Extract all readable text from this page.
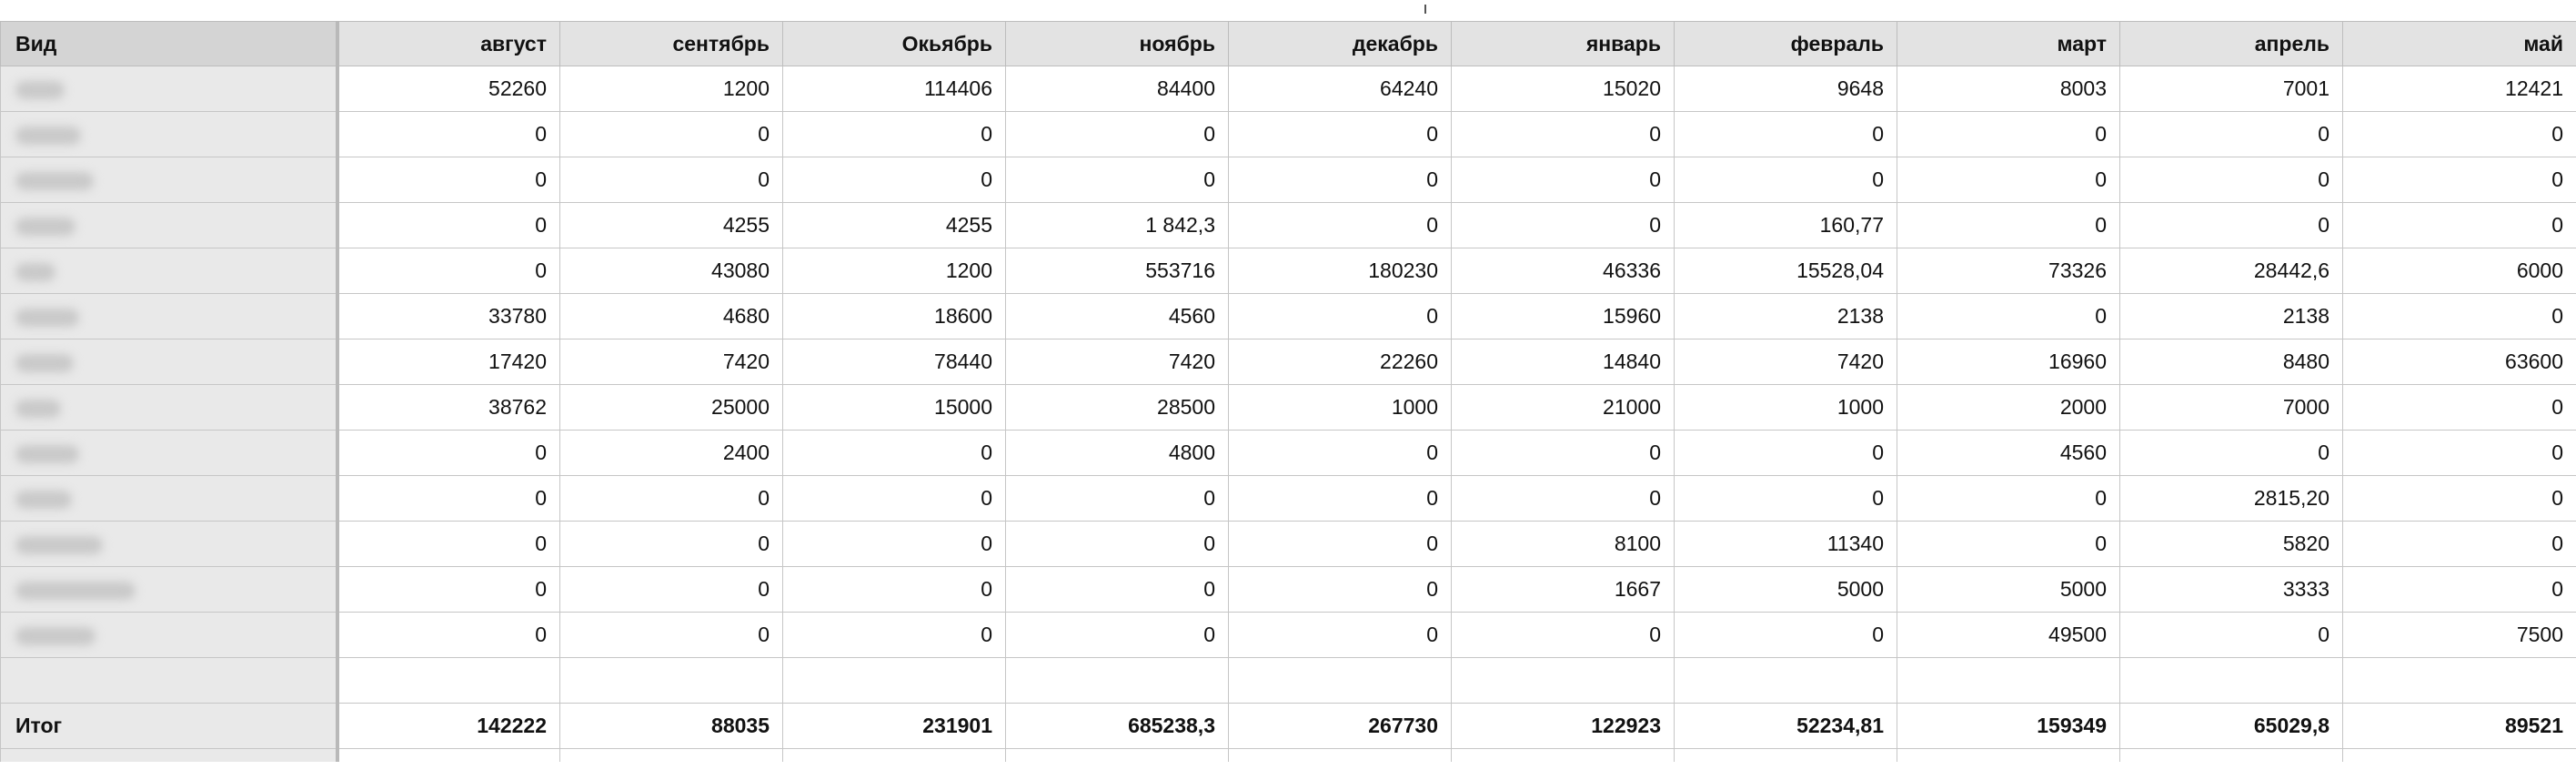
Вид	август	сентябрь	Окьябрь	ноябрь	декабрь	январь	февраль	март	апрель	май
	52260	1200	114406	84400	64240	15020	9648	8003	7001	12421
	0	0	0	0	0	0	0	0	0	0
	0	0	0	0	0	0	0	0	0	0
	0	4255	4255	1 842,3	0	0	160,77	0	0	0
	0	43080	1200	553716	180230	46336	15528,04	73326	28442,6	6000
	33780	4680	18600	4560	0	15960	2138	0	2138	0
	17420	7420	78440	7420	22260	14840	7420	16960	8480	63600
	38762	25000	15000	28500	1000	21000	1000	2000	7000	0
	0	2400	0	4800	0	0	0	4560	0	0
	0	0	0	0	0	0	0	0	2815,20	0
	0	0	0	0	0	8100	11340	0	5820	0
	0	0	0	0	0	1667	5000	5000	3333	0
	0	0	0	0	0	0	0	49500	0	7500

Итог	142222	88035	231901	685238,3	267730	122923	52234,81	159349	65029,8	89521
